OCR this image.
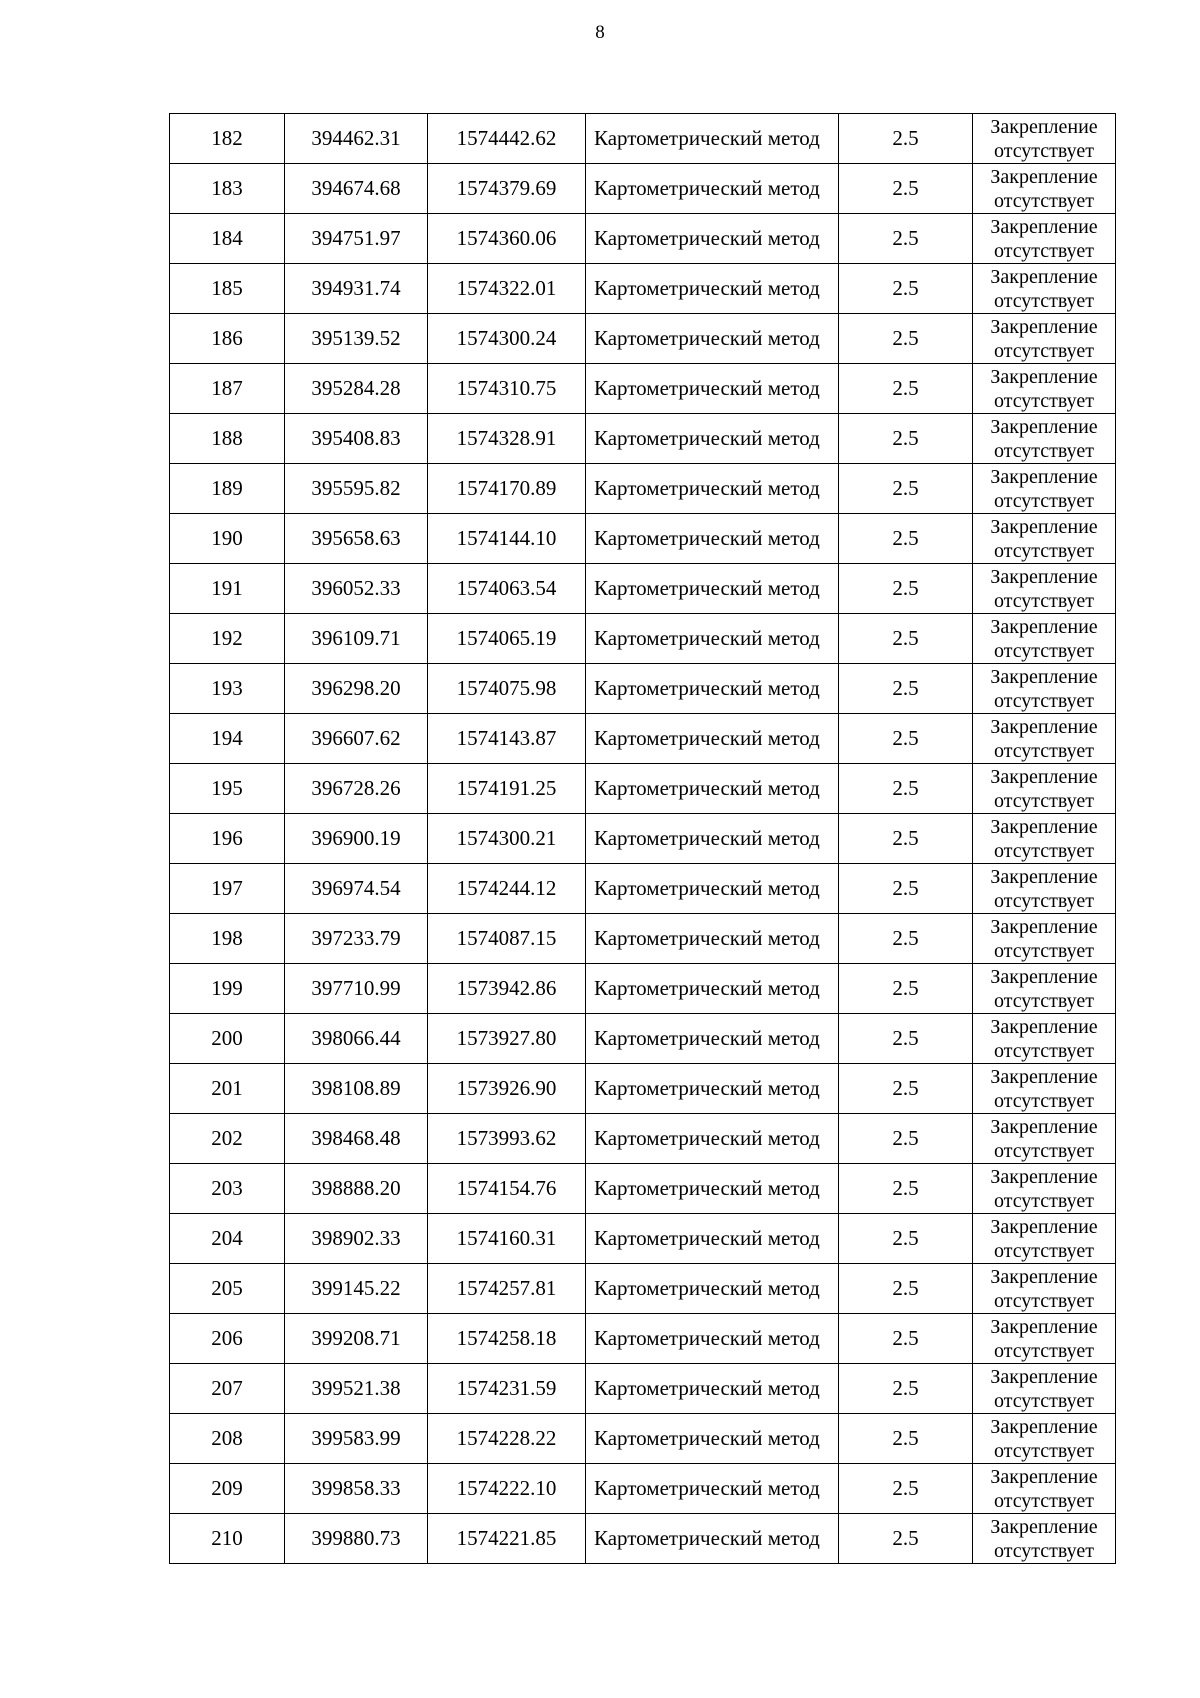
8
182	394462.31	1574442.62	Картометрический метод	2.5	Закрепление
отсутствует

183	394674.68	1574379.69	Картометрический метод	2.5	Закрепление
отсутствует

184	394751.97	1574360.06	Картометрический метод	2.5	Закрепление
отсутствует

185	394931.74	1574322.01	Картометрический метод	2.5	Закрепление
отсутствует

186	395139.52	1574300.24	Картометрический метод	2.5	Закрепление
отсутствует

187	395284.28	1574310.75	Картометрический метод	2.5	Закрепление
отсутствует

188	395408.83	1574328.91	Картометрический метод	2.5	Закрепление
отсутствует

189	395595.82	1574170.89	Картометрический метод	2.5	Закрепление
отсутствует

190	395658.63	1574144.10	Картометрический метод	2.5	Закрепление
отсутствует

191	396052.33	1574063.54	Картометрический метод	2.5	Закрепление
отсутствует

192	396109.71	1574065.19	Картометрический метод	2.5	Закрепление
отсутствует

193	396298.20	1574075.98	Картометрический метод	2.5	Закрепление
отсутствует

194	396607.62	1574143.87	Картометрический метод	2.5	Закрепление
отсутствует

195	396728.26	1574191.25	Картометрический метод	2.5	Закрепление
отсутствует

196	396900.19	1574300.21	Картометрический метод	2.5	Закрепление
отсутствует

197	396974.54	1574244.12	Картометрический метод	2.5	Закрепление
отсутствует

198	397233.79	1574087.15	Картометрический метод	2.5	Закрепление
отсутствует

199	397710.99	1573942.86	Картометрический метод	2.5	Закрепление
отсутствует

200	398066.44	1573927.80	Картометрический метод	2.5	Закрепление
отсутствует

201	398108.89	1573926.90	Картометрический метод	2.5	Закрепление
отсутствует

202	398468.48	1573993.62	Картометрический метод	2.5	Закрепление
отсутствует

203	398888.20	1574154.76	Картометрический метод	2.5	Закрепление
отсутствует

204	398902.33	1574160.31	Картометрический метод	2.5	Закрепление
отсутствует

205	399145.22	1574257.81	Картометрический метод	2.5	Закрепление
отсутствует

206	399208.71	1574258.18	Картометрический метод	2.5	Закрепление
отсутствует

207	399521.38	1574231.59	Картометрический метод	2.5	Закрепление
отсутствует

208	399583.99	1574228.22	Картометрический метод	2.5	Закрепление
отсутствует

209	399858.33	1574222.10	Картометрический метод	2.5	Закрепление
отсутствует

210	399880.73	1574221.85	Картометрический метод	2.5	Закрепление
отсутствует
